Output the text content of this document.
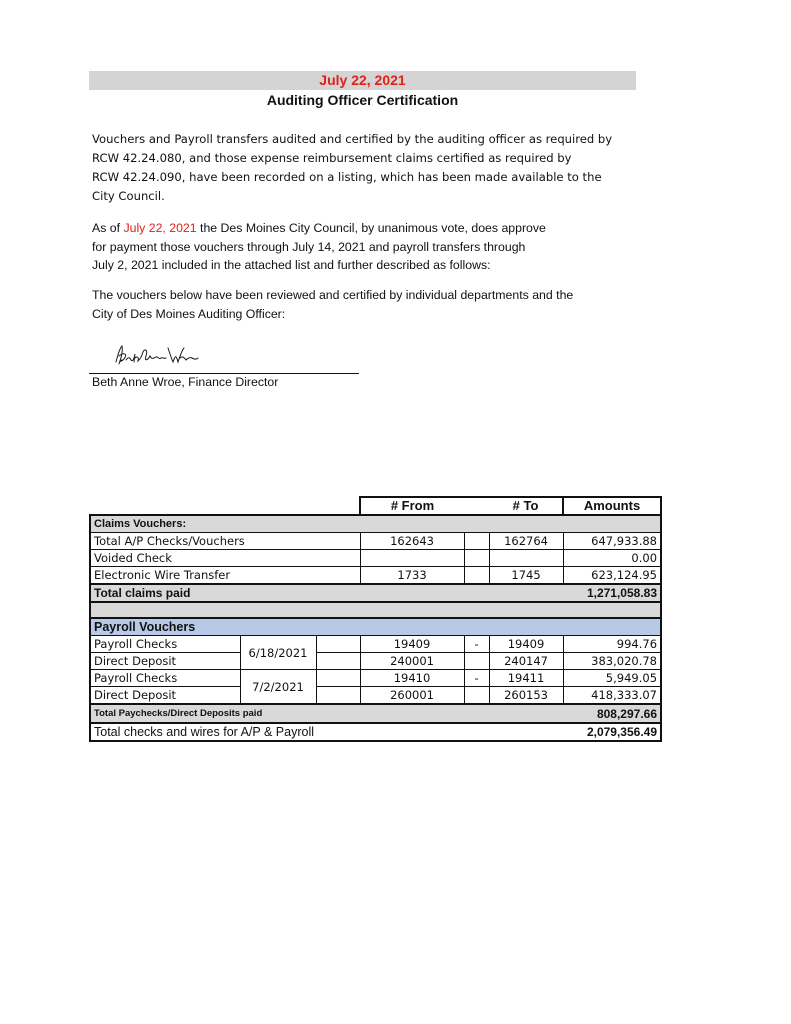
July 22, 2021
Auditing Officer Certification
Vouchers and Payroll transfers audited and certified by the auditing officer as required by
RCW 42.24.080, and those expense reimbursement claims certified as required by
RCW 42.24.090, have been recorded on a listing, which has been made available to the
City Council.
As of July 22, 2021 the Des Moines City Council, by unanimous vote, does approve
for payment those vouchers through July 14, 2021 and payroll transfers through
July 2, 2021 included in the attached list and further described as follows:
The vouchers below have been reviewed and certified by individual departments and the
City of Des Moines Auditing Officer:
Beth Anne Wroe, Finance Director
			# From		# To	Amounts
Claims Vouchers:						
Total A/P Checks/Vouchers			162643		162764	647,933.88
Voided Check						0.00
Electronic Wire Transfer			1733		1745	623,124.95
Total claims paid						1,271,058.83

Payroll Vouchers						
Payroll Checks	6/18/2021		19409	-	19409	994.76
Direct Deposit			240001		240147	383,020.78
Payroll Checks	7/2/2021		19410	-	19411	5,949.05
Direct Deposit			260001		260153	418,333.07
Total Paychecks/Direct Deposits paid						808,297.66
Total checks and wires for A/P & Payroll						2,079,356.49
